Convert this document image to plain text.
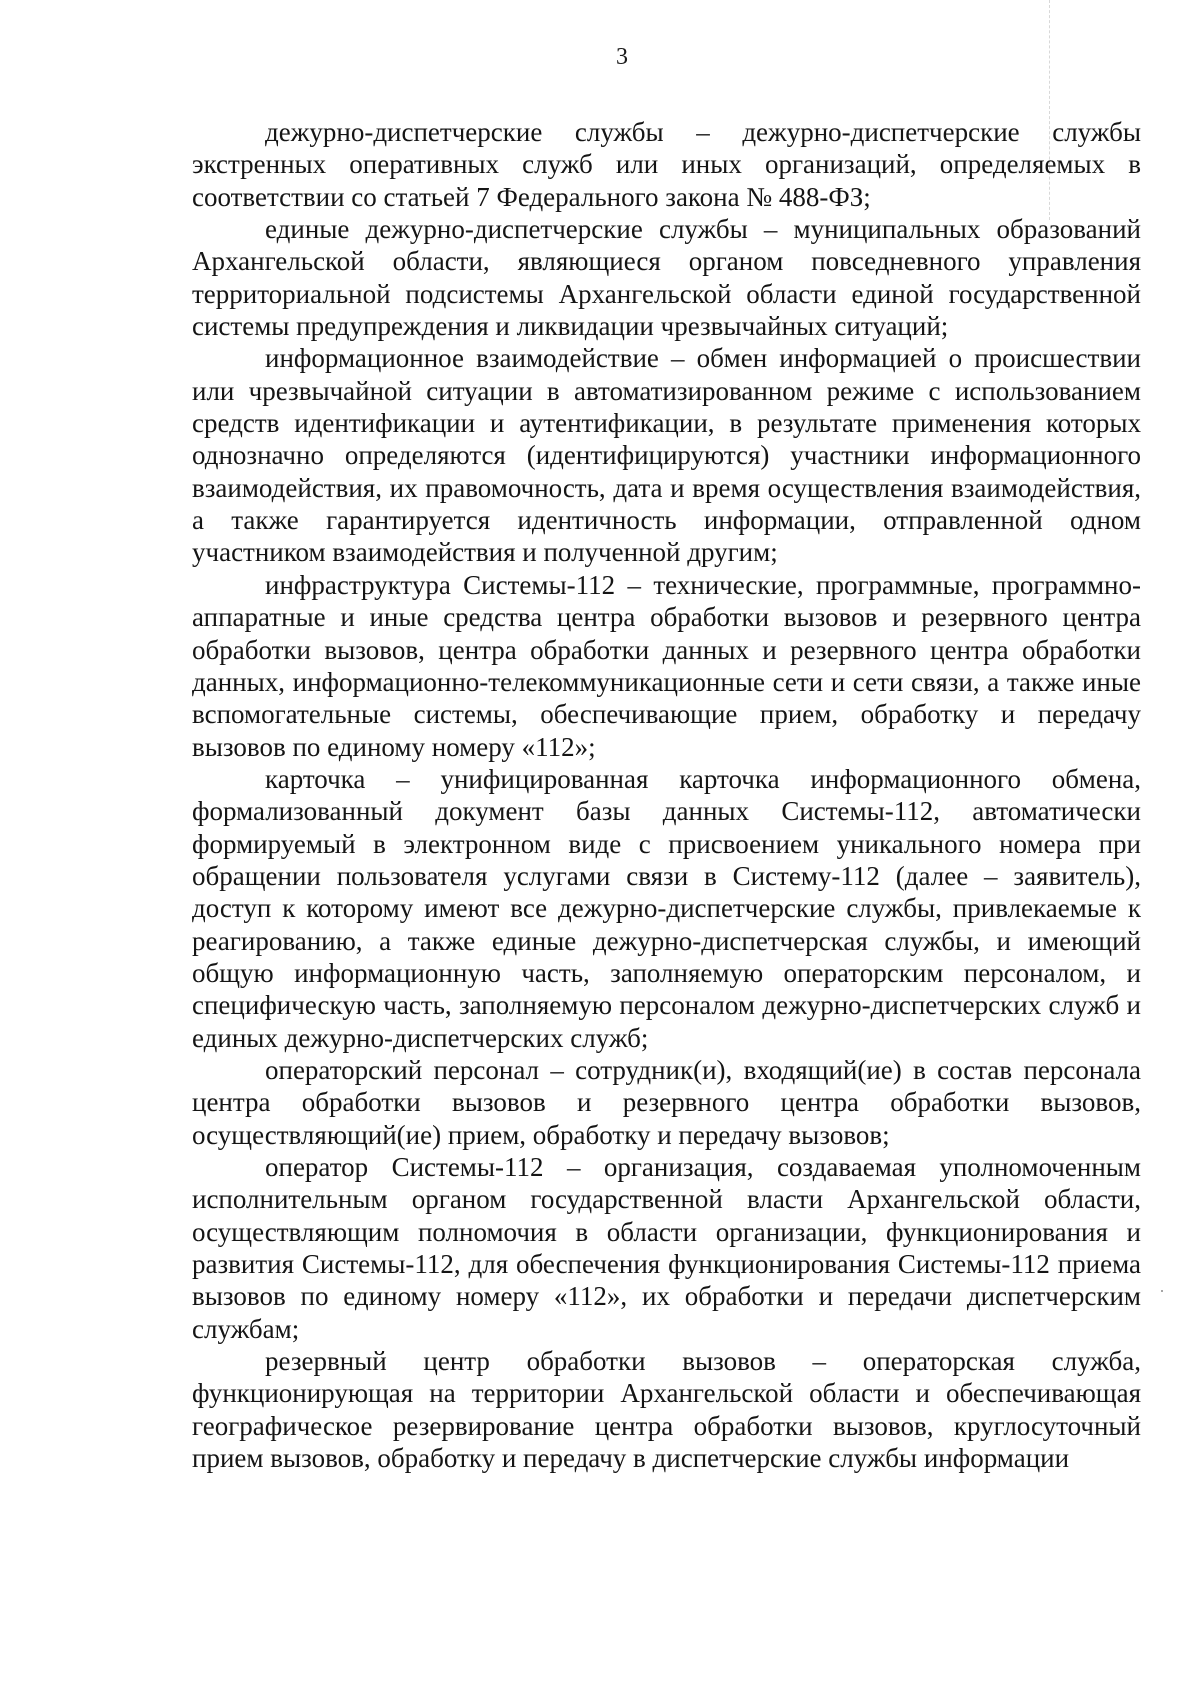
3

дежурно-диспетчерские службы – дежурно-диспетчерские службы экстренных оперативных служб или иных организаций, определяемых в соответствии со статьей 7 Федерального закона № 488-ФЗ;

единые дежурно-диспетчерские службы – муниципальных образований Архангельской области, являющиеся органом повседневного управления территориальной подсистемы Архангельской области единой государственной системы предупреждения и ликвидации чрезвычайных ситуаций;

информационное взаимодействие – обмен информацией о происшествии или чрезвычайной ситуации в автоматизированном режиме с использованием средств идентификации и аутентификации, в результате применения которых однозначно определяются (идентифицируются) участники информационного взаимодействия, их правомочность, дата и время осуществления взаимодействия, а также гарантируется идентичность информации, отправленной одном участником взаимодействия и полученной другим;

инфраструктура Системы-112 – технические, программные, программно-аппаратные и иные средства центра обработки вызовов и резервного центра обработки вызовов, центра обработки данных и резервного центра обработки данных, информационно-телекоммуникационные сети и сети связи, а также иные вспомогательные системы, обеспечивающие прием, обработку и передачу вызовов по единому номеру «112»;

карточка – унифицированная карточка информационного обмена, формализованный документ базы данных Системы-112, автоматически формируемый в электронном виде с присвоением уникального номера при обращении пользователя услугами связи в Систему-112 (далее – заявитель), доступ к которому имеют все дежурно-диспетчерские службы, привлекаемые к реагированию, а также единые дежурно-диспетчерская службы, и имеющий общую информационную часть, заполняемую операторским персоналом, и специфическую часть, заполняемую персоналом дежурно-диспетчерских служб и единых дежурно-диспетчерских служб;

операторский персонал – сотрудник(и), входящий(ие) в состав персонала центра обработки вызовов и резервного центра обработки вызовов, осуществляющий(ие) прием, обработку и передачу вызовов;

оператор Системы-112 – организация, создаваемая уполномоченным исполнительным органом государственной власти Архангельской области, осуществляющим полномочия в области организации, функционирования и развития Системы-112, для обеспечения функционирования Системы-112 приема вызовов по единому номеру «112», их обработки и передачи диспетчерским службам;

резервный центр обработки вызовов – операторская служба, функционирующая на территории Архангельской области и обеспечивающая географическое резервирование центра обработки вызовов, круглосуточный прием вызовов, обработку и передачу в диспетчерские службы информации
